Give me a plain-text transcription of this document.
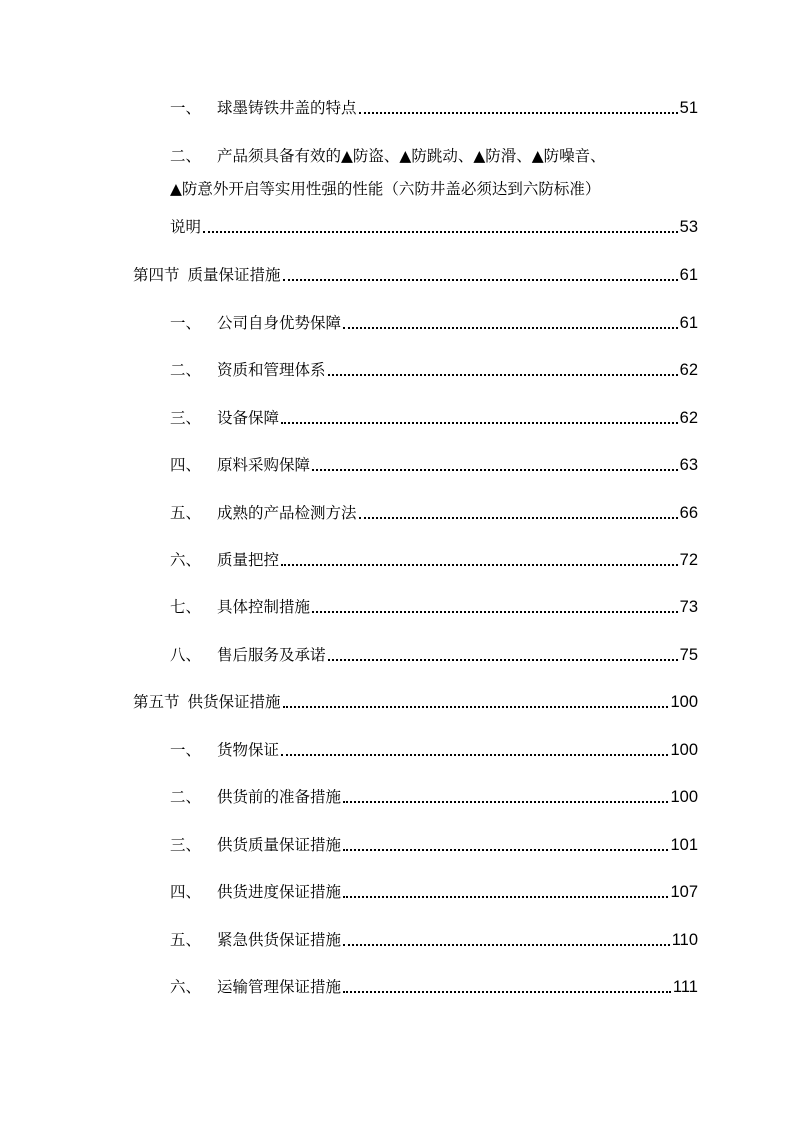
一、	球墨铸铁井盖的特点	51
二、	产品须具备有效的▲防盗、▲防跳动、▲防滑、▲防噪音、
▲防意外开启等实用性强的性能（六防井盖必须达到六防标准）
说明	53
第四节 质量保证措施	61
一、	公司自身优势保障	61
二、	资质和管理体系	62
三、	设备保障	62
四、	原料采购保障	63
五、	成熟的产品检测方法	66
六、	质量把控	72
七、	具体控制措施	73
八、	售后服务及承诺	75
第五节 供货保证措施	100
一、	货物保证	100
二、	供货前的准备措施	100
三、	供货质量保证措施	101
四、	供货进度保证措施	107
五、	紧急供货保证措施	110
六、	运输管理保证措施	111
